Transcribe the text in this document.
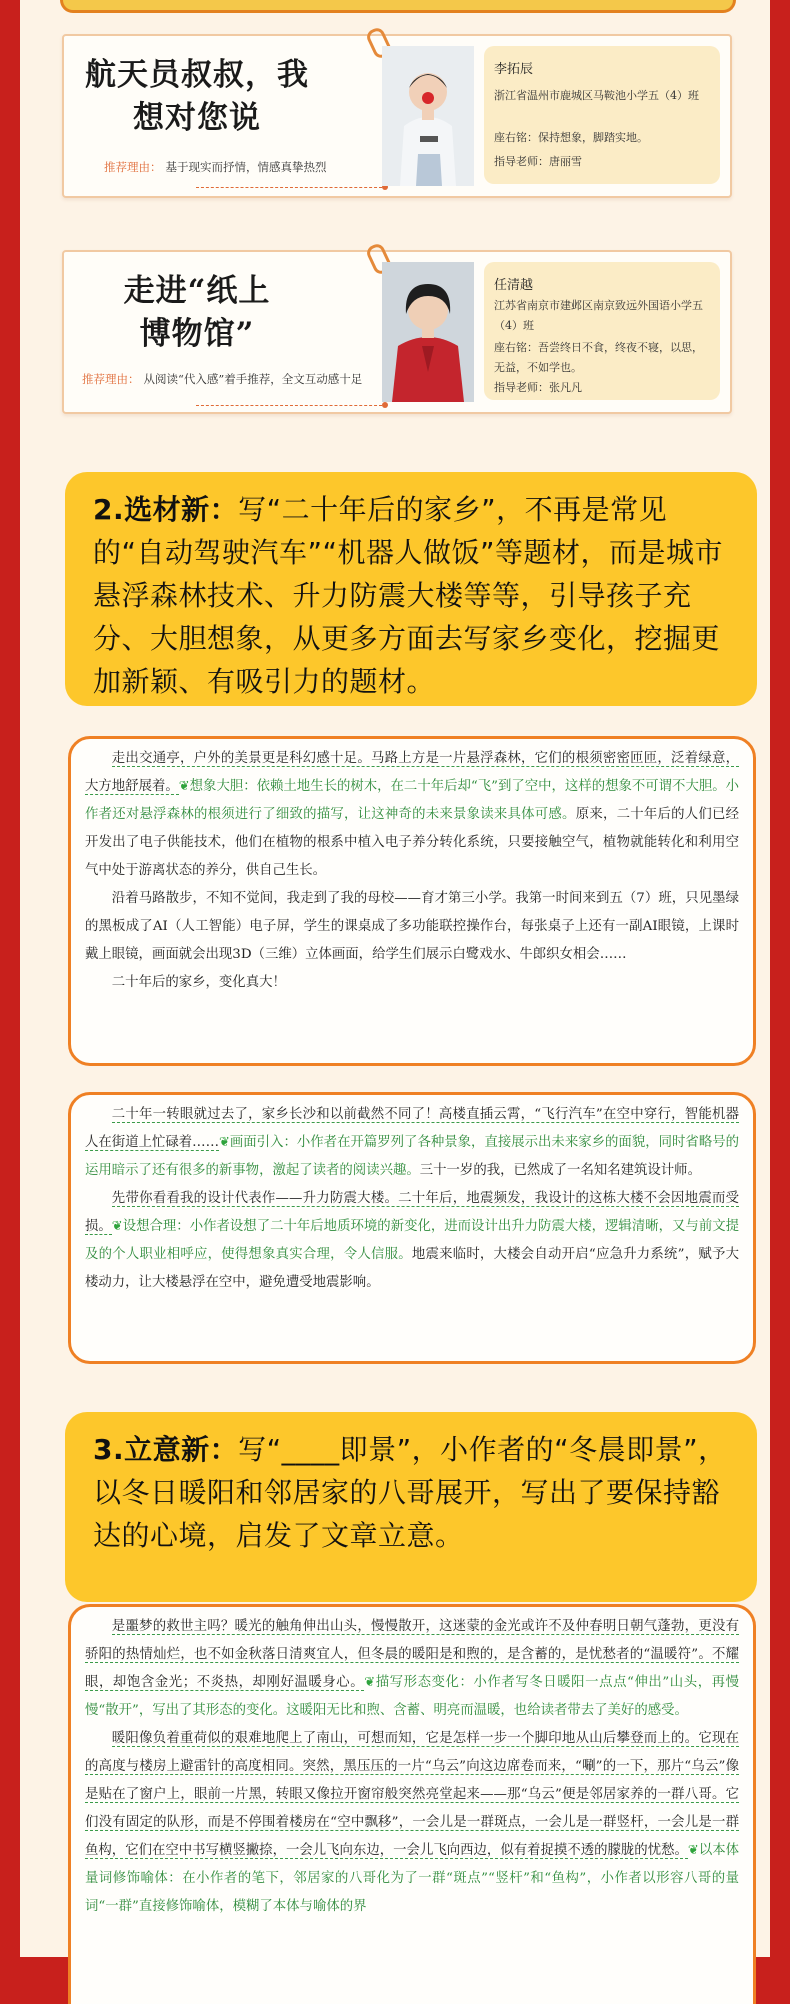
航天员叔叔，我
想对您说
推荐理由： 基于现实而抒情，情感真挚热烈
李拓辰
浙江省温州市鹿城区马鞍池小学五（4）班
座右铭：保持想象，脚踏实地。
指导老师：唐丽雪
走进“纸上
博物馆”
推荐理由： 从阅读“代入感”着手推荐，全文互动感十足
任清越
江苏省南京市建邺区南京致远外国语小学五（4）班
座右铭：吾尝终日不食，终夜不寝，以思，无益，不如学也。
指导老师：张凡凡
2.选材新：写“二十年后的家乡”，不再是常见的“自动驾驶汽车”“机器人做饭”等题材，而是城市悬浮森林技术、升力防震大楼等等，引导孩子充分、大胆想象，从更多方面去写家乡变化，挖掘更加新颖、有吸引力的题材。

走出交通亭，户外的美景更是科幻感十足。马路上方是一片悬浮森林，它们的根须密密匝匝，泛着绿意，大方地舒展着。❦想象大胆：依赖土地生长的树木，在二十年后却“飞”到了空中，这样的想象不可谓不大胆。小作者还对悬浮森林的根须进行了细致的描写，让这神奇的未来景象读来具体可感。原来，二十年后的人们已经开发出了电子供能技术，他们在植物的根系中植入电子养分转化系统，只要接触空气，植物就能转化和利用空气中处于游离状态的养分，供自己生长。

沿着马路散步，不知不觉间，我走到了我的母校——育才第三小学。我第一时间来到五（7）班，只见墨绿的黑板成了AI（人工智能）电子屏，学生的课桌成了多功能联控操作台，每张桌子上还有一副AI眼镜，上课时戴上眼镜，画面就会出现3D（三维）立体画面，给学生们展示白鹭戏水、牛郎织女相会……

二十年后的家乡，变化真大！

二十年一转眼就过去了，家乡长沙和以前截然不同了！高楼直插云霄，“飞行汽车”在空中穿行，智能机器人在街道上忙碌着……❦画面引入：小作者在开篇罗列了各种景象，直接展示出未来家乡的面貌，同时省略号的运用暗示了还有很多的新事物，激起了读者的阅读兴趣。三十一岁的我，已然成了一名知名建筑设计师。

先带你看看我的设计代表作——升力防震大楼。二十年后，地震频发，我设计的这栋大楼不会因地震而受损。❦设想合理：小作者设想了二十年后地质环境的新变化，进而设计出升力防震大楼，逻辑清晰，又与前文提及的个人职业相呼应，使得想象真实合理，令人信服。地震来临时，大楼会自动开启“应急升力系统”，赋予大楼动力，让大楼悬浮在空中，避免遭受地震影响。

3.立意新：写“____即景”，小作者的“冬晨即景”，以冬日暖阳和邻居家的八哥展开，写出了要保持豁达的心境，启发了文章立意。

是噩梦的救世主吗？暖光的触角伸出山头，慢慢散开，这迷蒙的金光或许不及仲春明日朝气蓬勃，更没有骄阳的热情灿烂，也不如金秋落日清爽宜人，但冬晨的暖阳是和煦的，是含蓄的，是忧愁者的“温暖符”。不耀眼，却饱含金光；不炎热，却刚好温暖身心。❦描写形态变化：小作者写冬日暖阳一点点“伸出”山头，再慢慢“散开”，写出了其形态的变化。这暖阳无比和煦、含蓄、明亮而温暖，也给读者带去了美好的感受。

暖阳像负着重荷似的艰难地爬上了南山，可想而知，它是怎样一步一个脚印地从山后攀登而上的。它现在的高度与楼房上避雷针的高度相同。突然，黑压压的一片“乌云”向这边席卷而来，“唰”的一下，那片“乌云”像是贴在了窗户上，眼前一片黑，转眼又像拉开窗帘般突然亮堂起来——那“乌云”便是邻居家养的一群八哥。它们没有固定的队形，而是不停围着楼房在“空中飘移”，一会儿是一群斑点，一会儿是一群竖杆，一会儿是一群鱼构，它们在空中书写横竖撇捺，一会儿飞向东边，一会儿飞向西边，似有着捉摸不透的朦胧的忧愁。❦以本体量词修饰喻体：在小作者的笔下，邻居家的八哥化为了一群“斑点”“竖杆”和“鱼构”，小作者以形容八哥的量词“一群”直接修饰喻体，模糊了本体与喻体的界
